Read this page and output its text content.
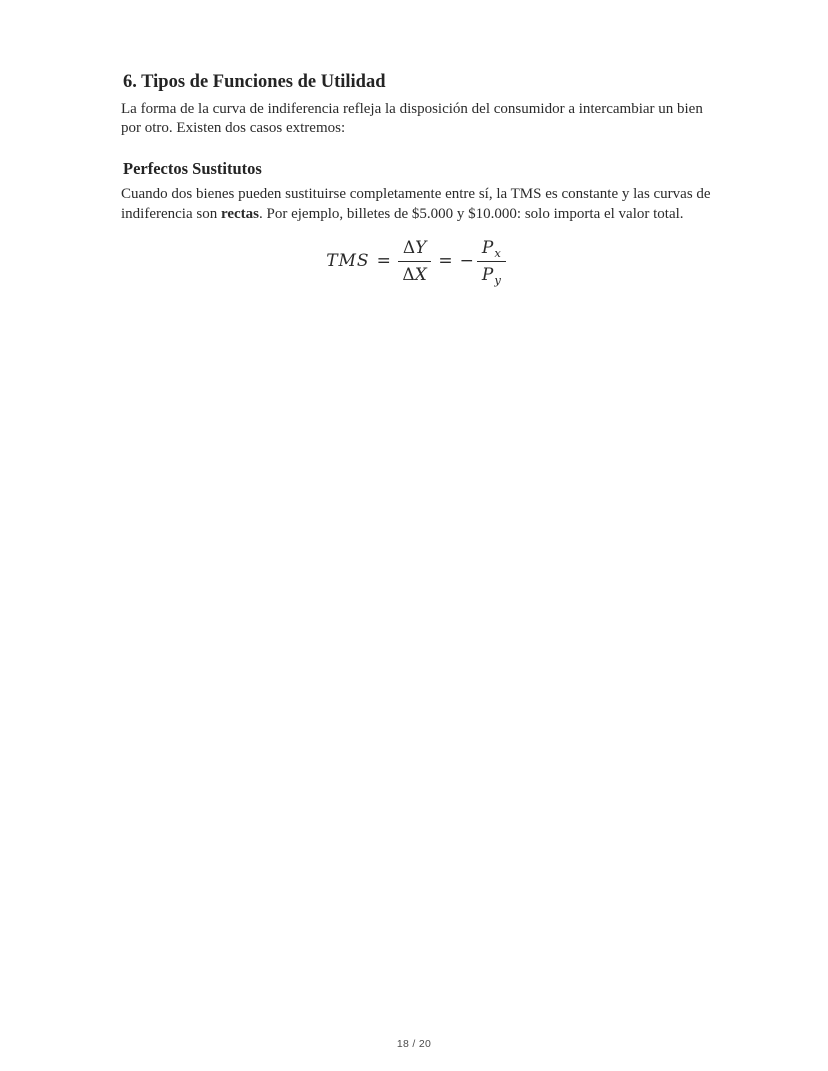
6. Tipos de Funciones de Utilidad

La forma de la curva de indiferencia refleja la disposición del consumidor a intercambiar un bien por otro. Existen dos casos extremos:

Perfectos Sustitutos

Cuando dos bienes pueden sustituirse completamente entre sí, la TMS es constante y las curvas de indiferencia son rectas. Por ejemplo, billetes de $5.000 y $10.000: solo importa el valor total.

TMS = $\frac{\Delta Y}{\Delta X}$ = − $\frac{P_x}{P_y}$
18 / 20
